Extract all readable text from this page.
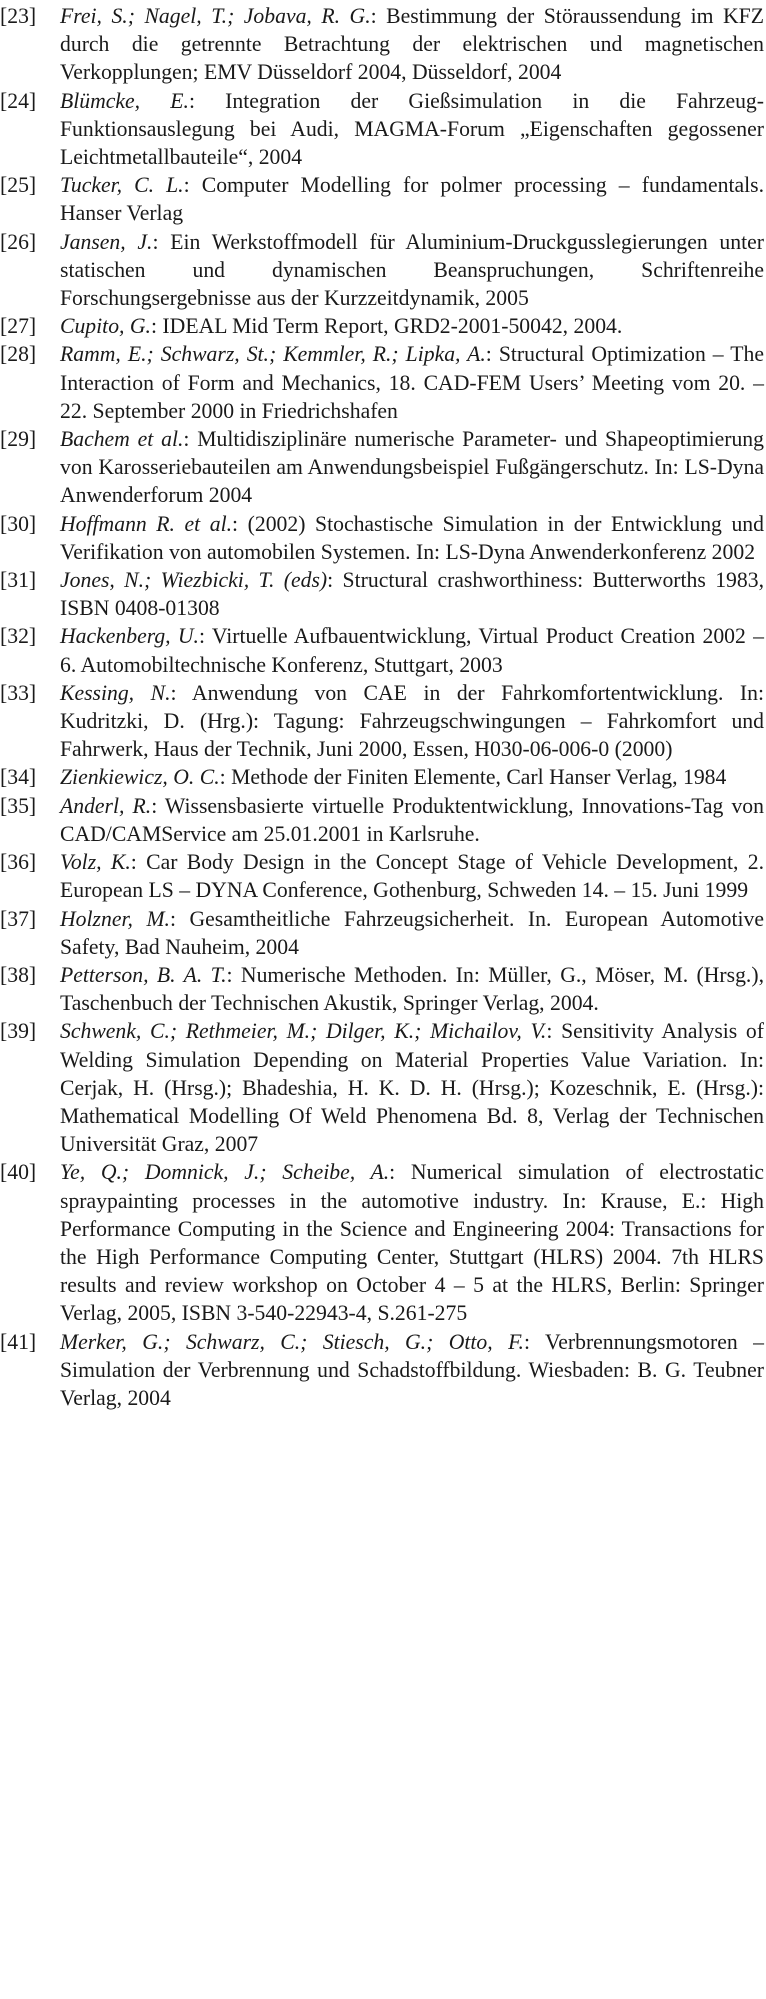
[23] Frei, S.; Nagel, T.; Jobava, R. G.: Bestimmung der Störaussendung im KFZ durch die getrennte Betrachtung der elektrischen und magnetischen Verkopplungen; EMV Düsseldorf 2004, Düsseldorf, 2004
[24] Blümcke, E.: Integration der Gießsimulation in die Fahrzeug-Funktionsauslegung bei Audi, MAGMA-Forum „Eigenschaften gegossener Leichtmetallbauteile“, 2004
[25] Tucker, C. L.: Computer Modelling for polmer processing – fundamentals. Hanser Verlag
[26] Jansen, J.: Ein Werkstoffmodell für Aluminium-Druckgusslegierungen unter statischen und dynamischen Beanspruchungen, Schriftenreihe Forschungsergebnisse aus der Kurzzeitdynamik, 2005
[27] Cupito, G.: IDEAL Mid Term Report, GRD2-2001-50042, 2004.
[28] Ramm, E.; Schwarz, St.; Kemmler, R.; Lipka, A.: Structural Optimization – The Interaction of Form and Mechanics, 18. CAD-FEM Users’ Meeting vom 20. – 22. September 2000 in Friedrichshafen
[29] Bachem et al.: Multidisziplinäre numerische Parameter- und Shapeoptimierung von Karosseriebauteilen am Anwendungsbeispiel Fußgängerschutz. In: LS-Dyna Anwenderforum 2004
[30] Hoffmann R. et al.: (2002) Stochastische Simulation in der Entwicklung und Verifikation von automobilen Systemen. In: LS-Dyna Anwenderkonferenz 2002
[31] Jones, N.; Wiezbicki, T. (eds): Structural crashworthiness: Butterworths 1983, ISBN 0408-01308
[32] Hackenberg, U.: Virtuelle Aufbauentwicklung, Virtual Product Creation 2002 – 6. Automobiltechnische Konferenz, Stuttgart, 2003
[33] Kessing, N.: Anwendung von CAE in der Fahrkomfortentwicklung. In: Kudritzki, D. (Hrg.): Tagung: Fahrzeugschwingungen – Fahrkomfort und Fahrwerk, Haus der Technik, Juni 2000, Essen, H030-06-006-0 (2000)
[34] Zienkiewicz, O. C.: Methode der Finiten Elemente, Carl Hanser Verlag, 1984
[35] Anderl, R.: Wissensbasierte virtuelle Produktentwicklung, Innovations-Tag von CAD/CAMService am 25.01.2001 in Karlsruhe.
[36] Volz, K.: Car Body Design in the Concept Stage of Vehicle Development, 2. European LS – DYNA Conference, Gothenburg, Schweden 14. – 15. Juni 1999
[37] Holzner, M.: Gesamtheitliche Fahrzeugsicherheit. In. European Automotive Safety, Bad Nauheim, 2004
[38] Petterson, B. A. T.: Numerische Methoden. In: Müller, G., Möser, M. (Hrsg.), Taschenbuch der Technischen Akustik, Springer Verlag, 2004.
[39] Schwenk, C.; Rethmeier, M.; Dilger, K.; Michailov, V.: Sensitivity Analysis of Welding Simulation Depending on Material Properties Value Variation. In: Cerjak, H. (Hrsg.); Bhadeshia, H. K. D. H. (Hrsg.); Kozeschnik, E. (Hrsg.): Mathematical Modelling Of Weld Phenomena Bd. 8, Verlag der Technischen Universität Graz, 2007
[40] Ye, Q.; Domnick, J.; Scheibe, A.: Numerical simulation of electrostatic spraypainting processes in the automotive industry. In: Krause, E.: High Performance Computing in the Science and Engineering 2004: Transactions for the High Performance Computing Center, Stuttgart (HLRS) 2004. 7th HLRS results and review workshop on October 4 – 5 at the HLRS, Berlin: Springer Verlag, 2005, ISBN 3-540-22943-4, S.261-275
[41] Merker, G.; Schwarz, C.; Stiesch, G.; Otto, F.: Verbrennungsmotoren – Simulation der Verbrennung und Schadstoffbildung. Wiesbaden: B. G. Teubner Verlag, 2004
